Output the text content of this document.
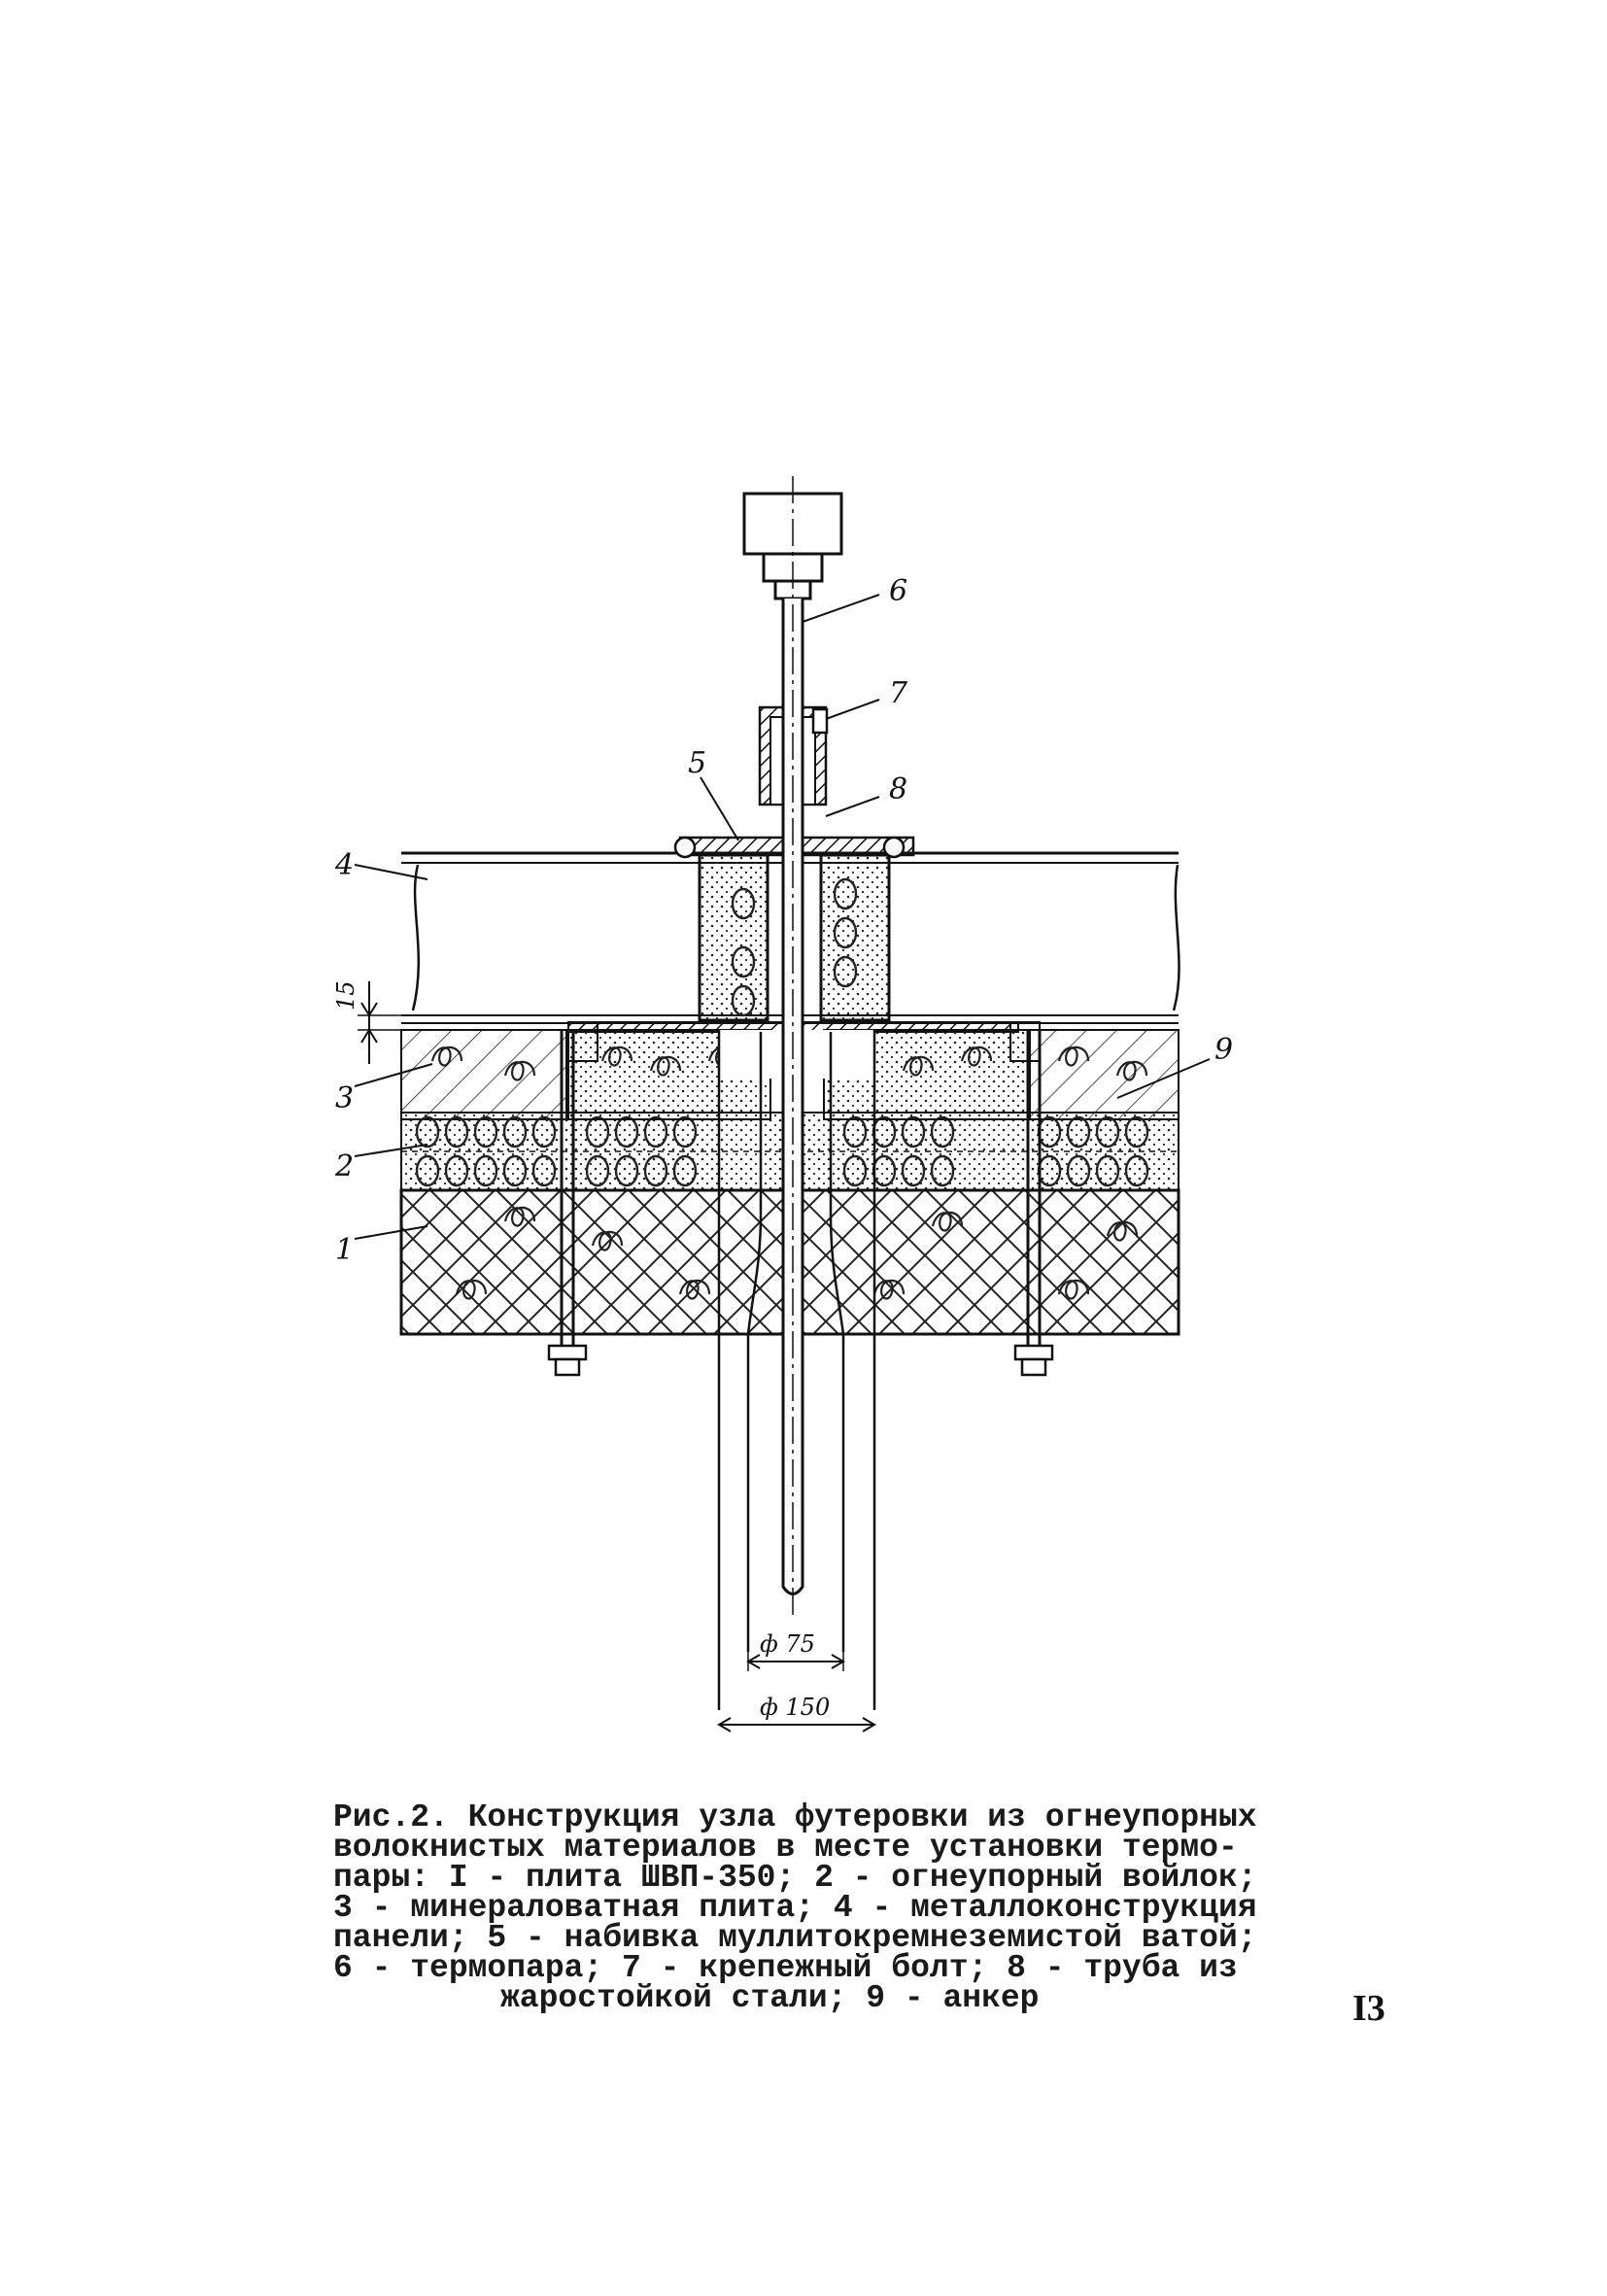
1
2
3
4
5
6
7
8
9
15
ф 75
ф 150
Рис.2. Конструкция узла футеровки из огнеупорных
волокнистых материалов в месте установки термо-
пары: I - плита ШВП-350; 2 - огнеупорный войлок;
3 - минераловатная плита; 4 - металлоконструкция
панели; 5 - набивка муллитокремнеземистой ватой;
6 - термопара; 7 - крепежный болт; 8 - труба из
жаростойкой стали; 9 - анкер	I3
